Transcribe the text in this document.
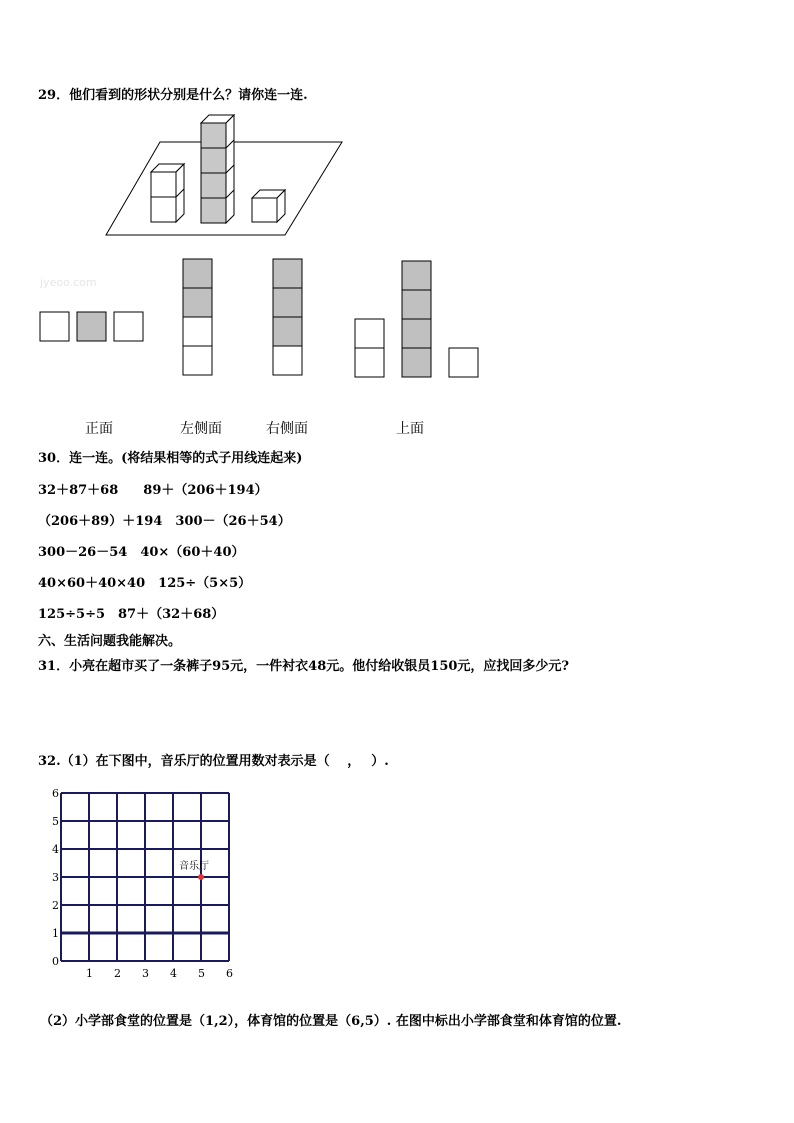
29．他们看到的形状分别是什么？请你连一连.
1 2 3 4 5 6
0
1
2
3
4
5
6
音乐厅
jyeoo.com
正面	左侧面	右侧面	上面
30．连一连。(将结果相等的式子用线连起来)
32＋87＋68 89＋（206＋194）
（206＋89）＋194 300－（26＋54）
300－26－54 40×（60＋40）
40×60＋40×40 125÷（5×5）
125÷5÷5 87＋（32＋68）
六、生活问题我能解决。
31．小亮在超市买了一条裤子95元，一件衬衣48元。他付给收银员150元，应找回多少元?
32.（1）在下图中，音乐厅的位置用数对表示是（　 ，　 ）.
（2）小学部食堂的位置是（1,2），体育馆的位置是（6,5）. 在图中标出小学部食堂和体育馆的位置.
